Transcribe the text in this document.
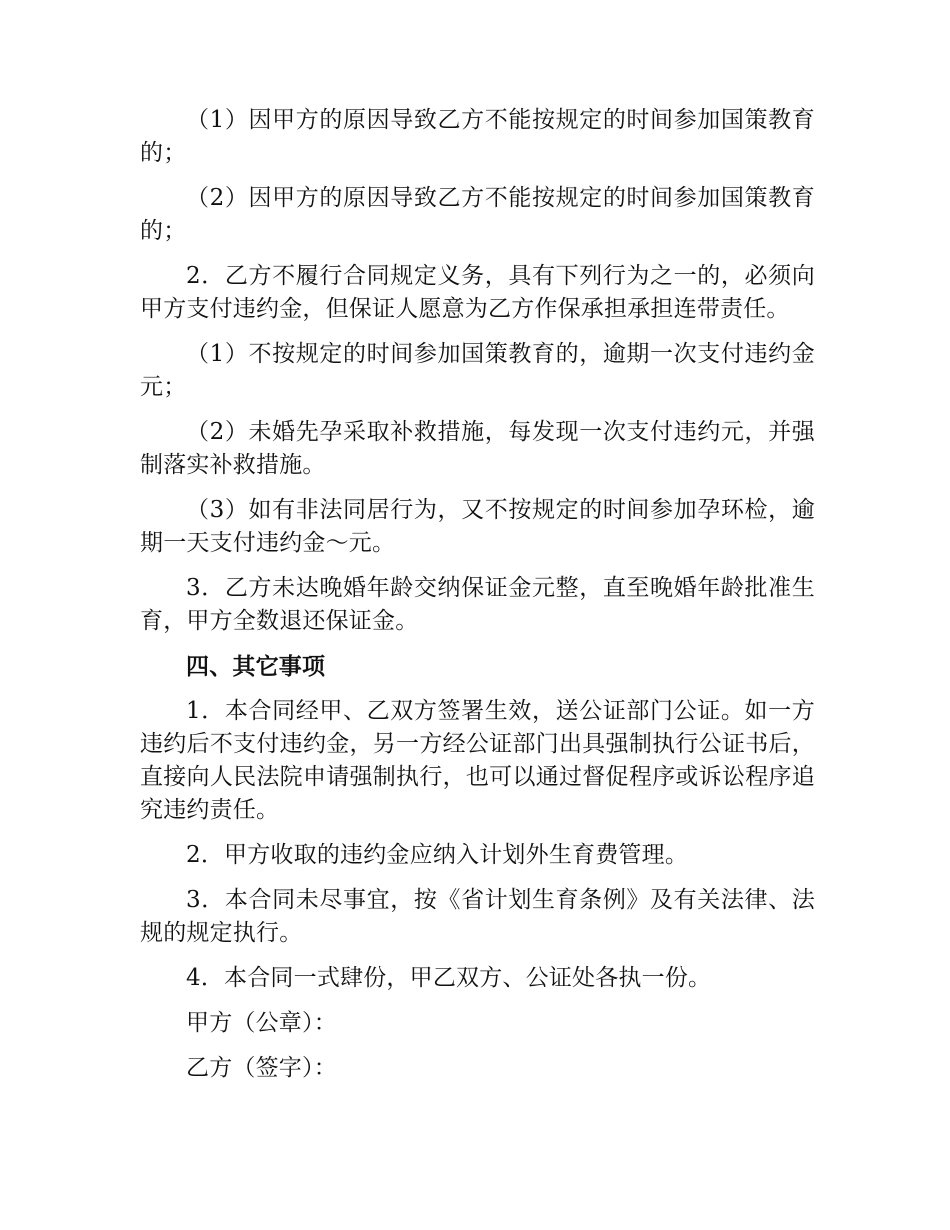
（1）因甲方的原因导致乙方不能按规定的时间参加国策教育的；

（2）因甲方的原因导致乙方不能按规定的时间参加国策教育的；

2．乙方不履行合同规定义务，具有下列行为之一的，必须向甲方支付违约金，但保证人愿意为乙方作保承担承担连带责任。

（1）不按规定的时间参加国策教育的，逾期一次支付违约金元；

（2）未婚先孕采取补救措施，每发现一次支付违约元，并强制落实补救措施。

（3）如有非法同居行为，又不按规定的时间参加孕环检，逾期一天支付违约金～元。

3．乙方未达晚婚年龄交纳保证金元整，直至晚婚年龄批准生育，甲方全数退还保证金。

四、其它事项

1．本合同经甲、乙双方签署生效，送公证部门公证。如一方违约后不支付违约金，另一方经公证部门出具强制执行公证书后，直接向人民法院申请强制执行，也可以通过督促程序或诉讼程序追究违约责任。

2．甲方收取的违约金应纳入计划外生育费管理。

3．本合同未尽事宜，按《省计划生育条例》及有关法律、法规的规定执行。

4．本合同一式肆份，甲乙双方、公证处各执一份。

甲方（公章）：

乙方（签字）：
